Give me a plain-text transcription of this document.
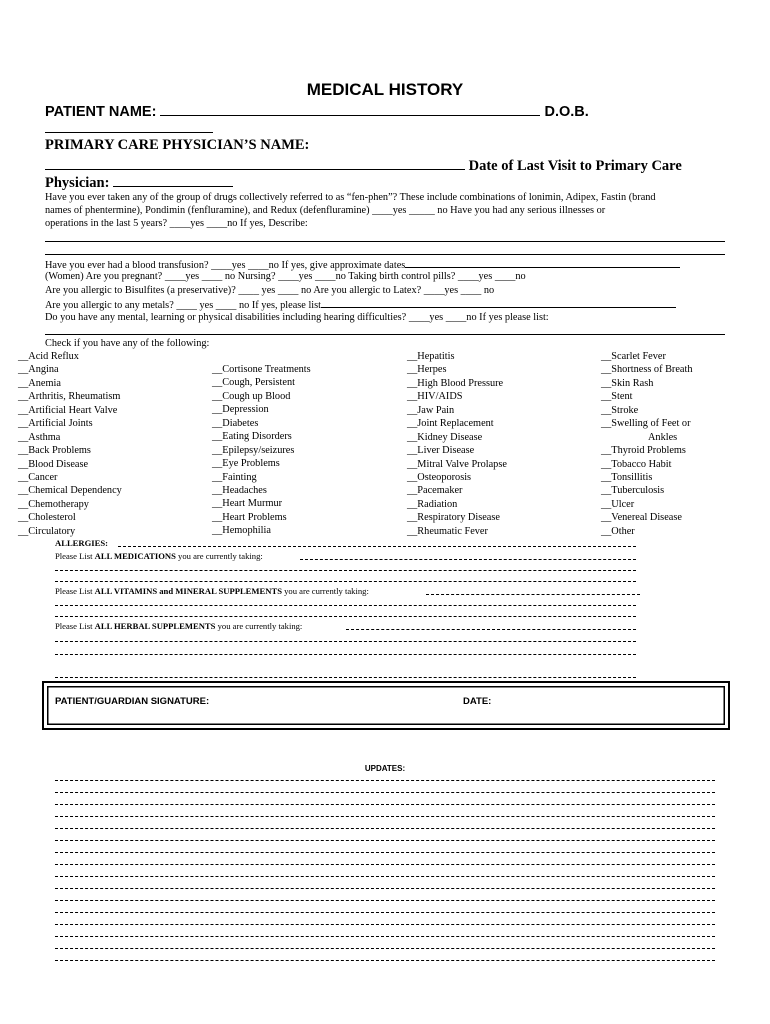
MEDICAL HISTORY
PATIENT NAME:	D.O.B.
PRIMARY CARE PHYSICIAN’S NAME:
Date of Last Visit to Primary Care
Physician:
Have you ever taken any of the group of drugs collectively referred to as “fen-phen”? These include combinations of lonimin, Adipex, Fastin (brand
names of phentermine), Pondimin (fenfluramine), and Redux (defenfluramine) ____yes _____ no Have you had any serious illnesses or
operations in the last 5 years? ____yes ____no If yes, Describe:
Have you ever had a blood transfusion? ____yes ____no If yes, give approximate dates
(Women) Are you pregnant? ____yes ____ no Nursing? ____yes ____no Taking birth control pills? ____yes ____no
Are you allergic to Bisulfites (a preservative)? ____ yes ____ no Are you allergic to Latex? ____yes ____ no
Are you allergic to any metals? ____ yes ____ no If yes, please list
Do you have any mental, learning or physical disabilities including hearing difficulties? ____yes ____no If yes please list:
Check if you have any of the following:
__Acid Reflux
__Angina
__Anemia
__Arthritis, Rheumatism
__Artificial Heart Valve
__Artificial Joints
__Asthma
__Back Problems
__Blood Disease
__Cancer
__Chemical Dependency
__Chemotherapy
__Cholesterol
__Circulatory
__Cortisone Treatments
__Cough, Persistent
__Cough up Blood
__Depression
__Diabetes
__Eating Disorders
__Epilepsy/seizures
__Eye Problems
__Fainting
__Headaches
__Heart Murmur
__Heart Problems
__Hemophilia
__Hepatitis
__Herpes
__High Blood Pressure
__HIV/AIDS
__Jaw Pain
__Joint Replacement
__Kidney Disease
__Liver Disease
__Mitral Valve Prolapse
__Osteoporosis
__Pacemaker
__Radiation
__Respiratory Disease
__Rheumatic Fever
__Scarlet Fever
__Shortness of Breath
__Skin Rash
__Stent
__Stroke
__Swelling of Feet or
Ankles
__Thyroid Problems
__Tobacco Habit
__Tonsillitis
__Tuberculosis
__Ulcer
__Venereal Disease
__Other
ALLERGIES:
Please List ALL MEDICATIONS you are currently taking:
Please List ALL VITAMINS and MINERAL SUPPLEMENTS you are currently taking:
Please List ALL HERBAL SUPPLEMENTS you are currently taking:
PATIENT/GUARDIAN SIGNATURE:	DATE:
UPDATES:
